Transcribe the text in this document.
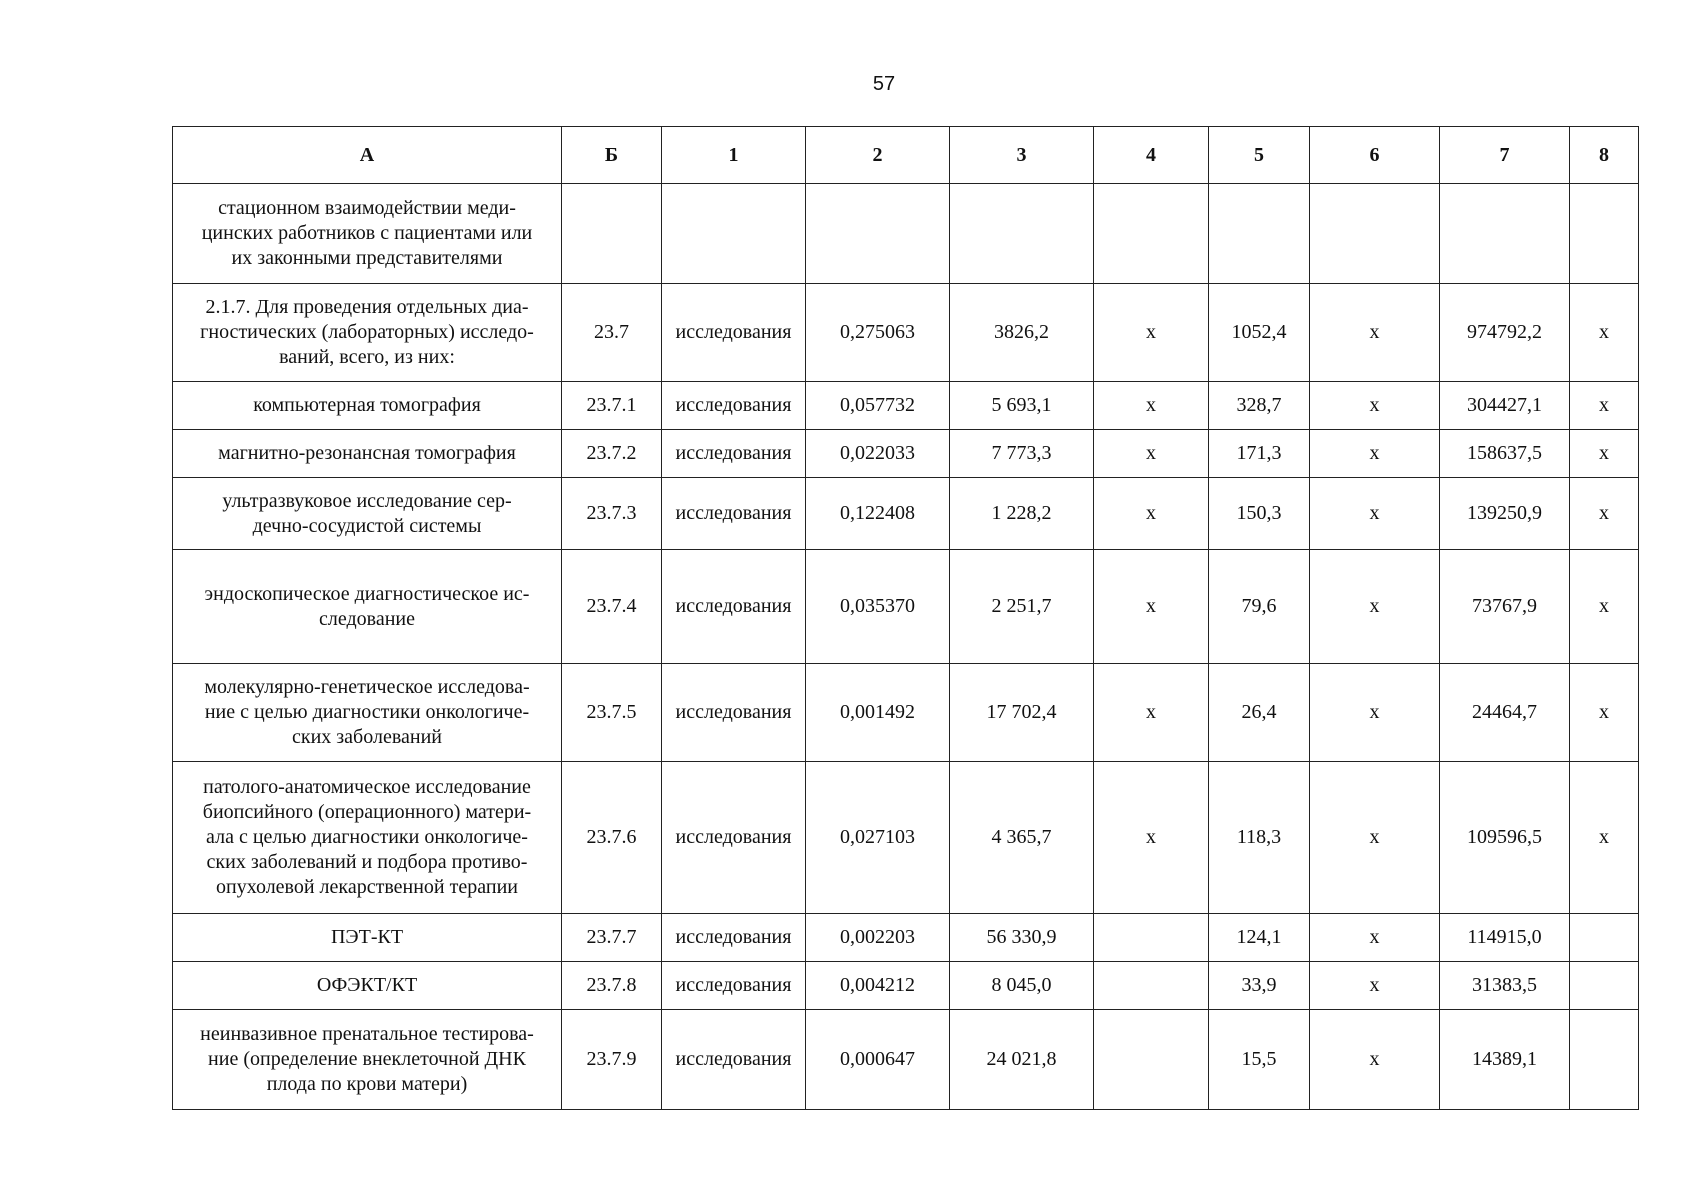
57
А	Б	1	2	3	4	5	6	7	8
стационном взаимодействии меди-
цинских работников с пациентами или
их законными представителями									
2.1.7. Для проведения отдельных диа-
гностических (лабораторных) исследо-
ваний, всего, из них:	23.7	исследования	0,275063	3826,2	х	1052,4	х	974792,2	х
компьютерная томография	23.7.1	исследования	0,057732	5 693,1	х	328,7	х	304427,1	х
магнитно-резонансная томография	23.7.2	исследования	0,022033	7 773,3	х	171,3	х	158637,5	х
ультразвуковое исследование сер-
дечно-сосудистой системы	23.7.3	исследования	0,122408	1 228,2	х	150,3	х	139250,9	х
эндоскопическое диагностическое ис-
следование	23.7.4	исследования	0,035370	2 251,7	х	79,6	х	73767,9	х
молекулярно-генетическое исследова-
ние с целью диагностики онкологиче-
ских заболеваний	23.7.5	исследования	0,001492	17 702,4	х	26,4	х	24464,7	х
патолого-анатомическое исследование
биопсийного (операционного) матери-
ала с целью диагностики онкологиче-
ских заболеваний и подбора противо-
опухолевой лекарственной терапии	23.7.6	исследования	0,027103	4 365,7	х	118,3	х	109596,5	х
ПЭТ-КТ	23.7.7	исследования	0,002203	56 330,9		124,1	х	114915,0	
ОФЭКТ/КТ	23.7.8	исследования	0,004212	8 045,0		33,9	х	31383,5	
неинвазивное пренатальное тестирова-
ние (определение внеклеточной ДНК
плода по крови матери)	23.7.9	исследования	0,000647	24 021,8		15,5	х	14389,1	
